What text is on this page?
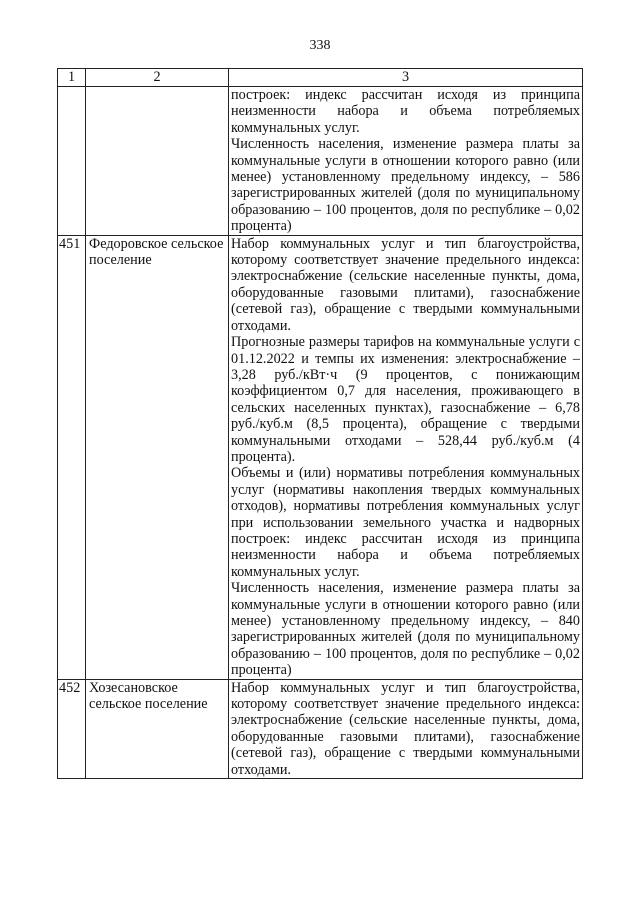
338
1	2	3

		построек: индекс рассчитан исходя из принципа неизменности набора и объема потребляемых коммунальных услуг.

Численность населения, изменение размера платы за коммунальные услуги в отношении которого равно (или менее) установленному предельному индексу, – 586 зарегистрированных жителей (доля по муниципальному образованию – 100 процентов, доля по республике – 0,02 процента)

451	Федоровское сельское поселение	Набор коммунальных услуг и тип благоустройства, которому соответствует значение предельного индекса: электроснабжение (сельские населенные пункты, дома, оборудованные газовыми плитами), газоснабжение (сетевой газ), обращение с твердыми коммунальными отходами.

Прогнозные размеры тарифов на коммунальные услуги с 01.12.2022 и темпы их изменения: электроснабжение – 3,28 руб./кВт·ч (9 процентов, с понижающим коэффициентом 0,7 для населения, проживающего в сельских населенных пунктах), газоснабжение – 6,78 руб./куб.м (8,5 процента), обращение с твердыми коммунальными отходами – 528,44 руб./куб.м (4 процента).

Объемы и (или) нормативы потребления коммунальных услуг (нормативы накопления твердых коммунальных отходов), нормативы потребления коммунальных услуг при использовании земельного участка и надворных построек: индекс рассчитан исходя из принципа неизменности набора и объема потребляемых коммунальных услуг.

Численность населения, изменение размера платы за коммунальные услуги в отношении которого равно (или менее) установленному предельному индексу, – 840 зарегистрированных жителей (доля по муниципальному образованию – 100 процентов, доля по республике – 0,02 процента)

452	Хозесановское сельское поселение	Набор коммунальных услуг и тип благоустройства, которому соответствует значение предельного индекса: электроснабжение (сельские населенные пункты, дома, оборудованные газовыми плитами), газоснабжение (сетевой газ), обращение с твердыми коммунальными отходами.
